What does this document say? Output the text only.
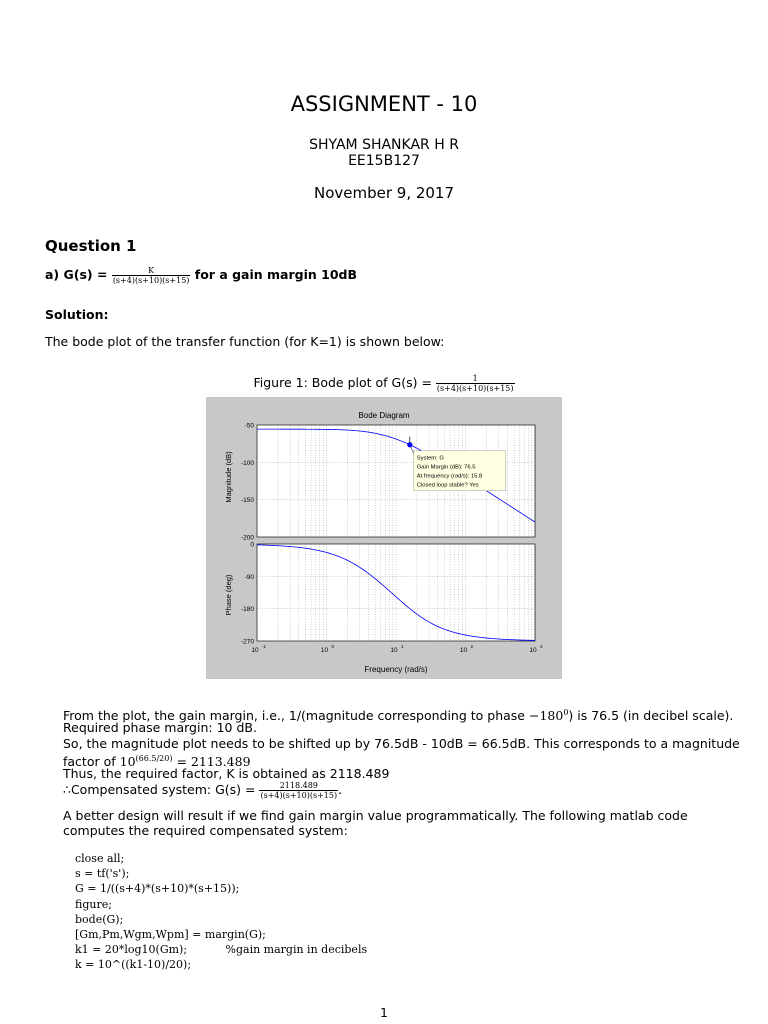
ASSIGNMENT - 10
SHYAM SHANKAR H R
EE15B127
November 9, 2017
Question 1
a) $G(s) = \frac{K}{(s+4)(s+10)(s+15)}$ for a gain margin 10dB
Solution:
The bode plot of the transfer function (for K=1) is shown below:
Figure 1: Bode plot of $G(s) = \frac{1}{(s+4)(s+10)(s+15)}$
Bode Diagram
Magnitude (dB)
Phase (deg)
Frequency (rad/s)
-50
-100
-150
-200
0
-90
-180
-270
10
-1
10
0
10
1
10
2
10
3
System: G
Gain Margin (dB): 76.5
At frequency (rad/s): 15.8
Closed loop stable? Yes
From the plot, the gain margin, i.e., 1/(magnitude corresponding to phase $-180^0$) is 76.5 (in decibel scale).
Required phase margin: 10 dB.
So, the magnitude plot needs to be shifted up by 76.5dB - 10dB = 66.5dB. This corresponds to a magnitude
factor of $10^{(66.5/20)} = 2113.489$
Thus, the required factor, K is obtained as 2118.489
∴Compensated system: $G(s) = \frac{2118.489}{(s+4)(s+10)(s+15)}$ .
A better design will result if we find gain margin value programmatically. The following matlab code
computes the required compensated system:
close all;
s = tf('s');
G = 1/((s+4)*(s+10)*(s+15));
figure;
bode(G);
[Gm,Pm,Wgm,Wpm] = margin(G);
k1 = 20*log10(Gm);           %gain margin in decibels
k = 10^((k1-10)/20);
1
